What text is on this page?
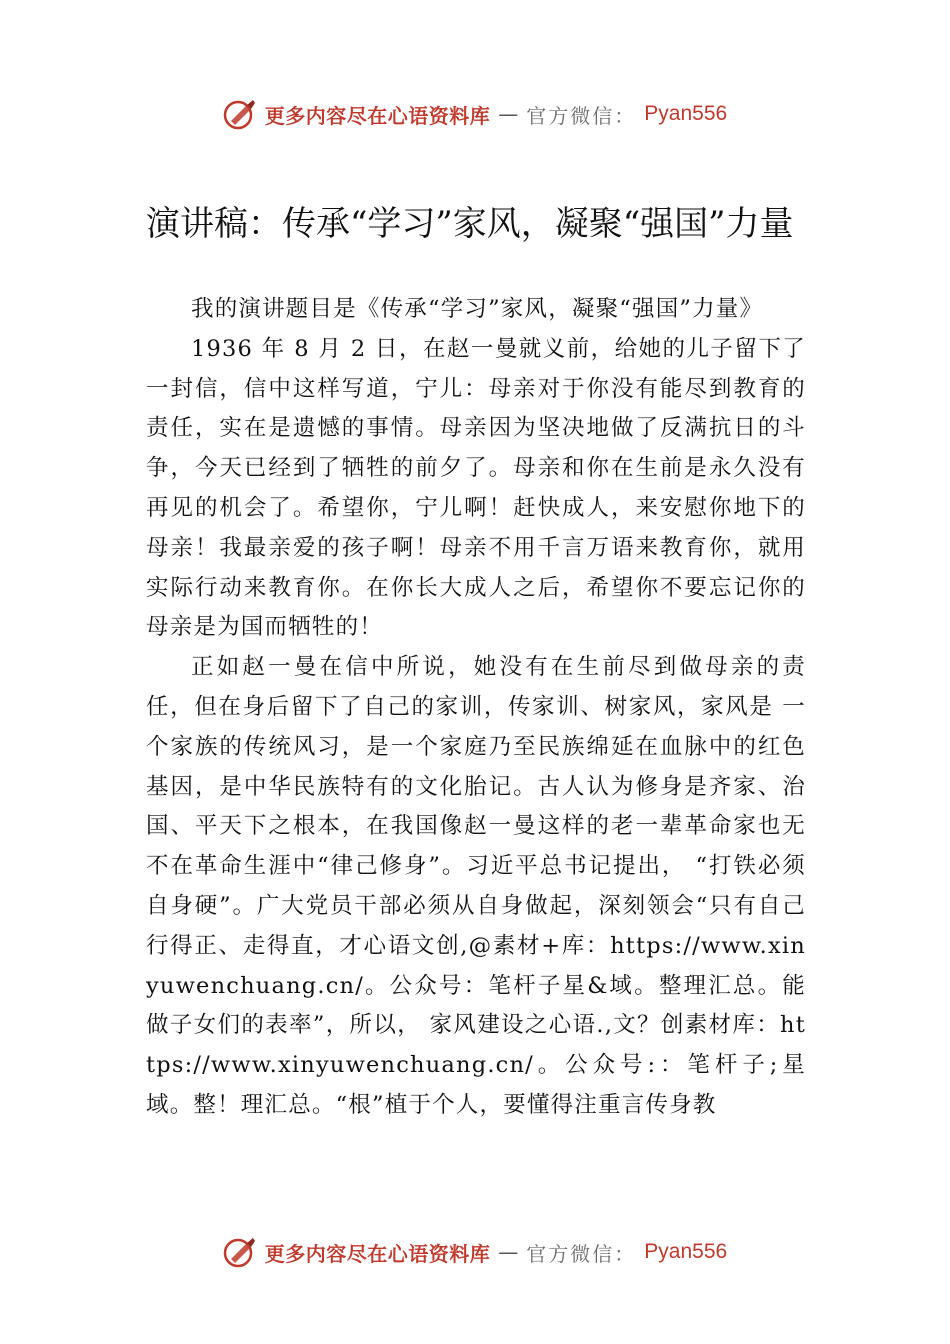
更多内容尽在心语资料库 — 官方微信： Pyan556
演讲稿：传承“学习”家风，凝聚“强国”力量

我的演讲题目是《传承“学习”家风，凝聚“强国”力量》

1936 年 8 月 2 日，在赵一曼就义前，给她的儿子留下了一封信，信中这样写道，宁儿：母亲对于你没有能尽到教育的责任，实在是遗憾的事情。母亲因为坚决地做了反满抗日的斗争，今天已经到了牺牲的前夕了。母亲和你在生前是永久没有再见的机会了。希望你，宁儿啊！赶快成人，来安慰你地下的母亲！我最亲爱的孩子啊！母亲不用千言万语来教育你，就用实际行动来教育你。在你长大成人之后，希望你不要忘记你的母亲是为国而牺牲的！

正如赵一曼在信中所说，她没有在生前尽到做母亲的责任，但在身后留下了自己的家训，传家训、树家风，家风是 一个家族的传统风习，是一个家庭乃至民族绵延在血脉中的红色基因，是中华民族特有的文化胎记。古人认为修身是齐家、治国、平天下之根本，在我国像赵一曼这样的老一辈革命家也无不在革命生涯中“律己修身”。习近平总书记提出， “打铁必须自身硬”。广大党员干部必须从自身做起，深刻领会“只有自己行得正、走得直，才心语文创,@素材+库：https://www.xinyuwenchuang.cn/。公众号：笔杆子星&域。整理汇总。能做子女们的表率”，所以， 家风建设之心语.,文？创素材库：https://www.xinyuwenchuang.cn/。公众号:：笔杆子;星域。整！理汇总。“根”植于个人，要懂得注重言传身教

更多内容尽在心语资料库 — 官方微信： Pyan556
